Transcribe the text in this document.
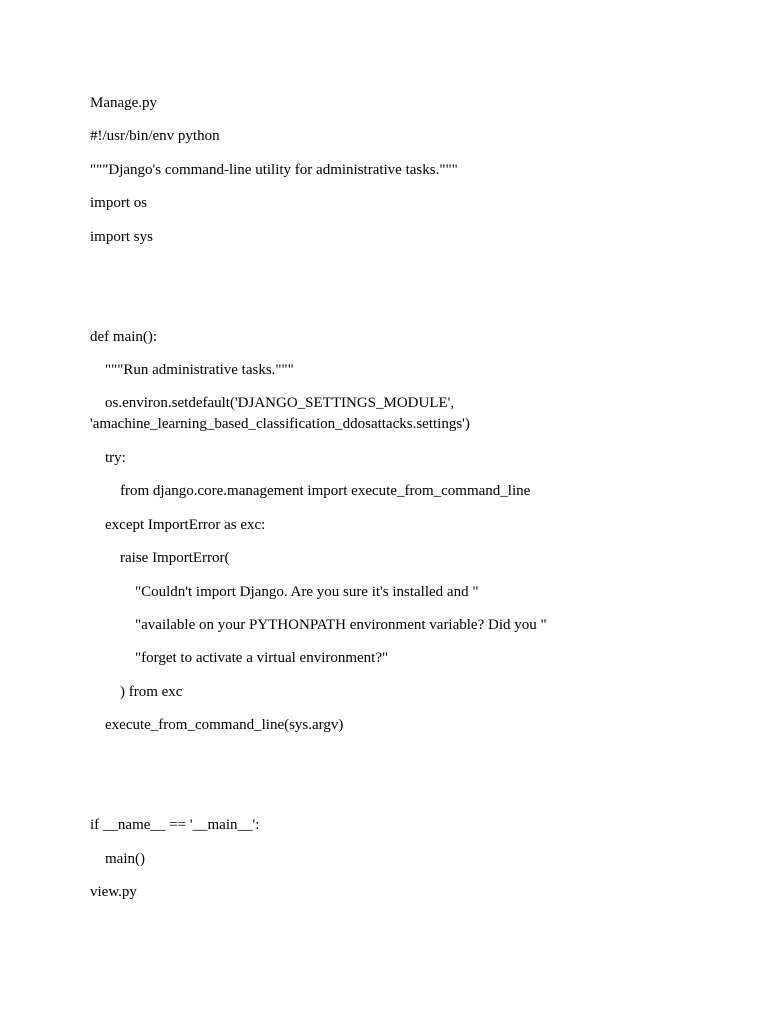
Manage.py

#!/usr/bin/env python

"""Django's command-line utility for administrative tasks."""

import os

import sys

def main():

"""Run administrative tasks."""

os.environ.setdefault('DJANGO_SETTINGS_MODULE',

'amachine_learning_based_classification_ddosattacks.settings')

try:

from django.core.management import execute_from_command_line

except ImportError as exc:

raise ImportError(

"Couldn't import Django. Are you sure it's installed and "

"available on your PYTHONPATH environment variable? Did you "

"forget to activate a virtual environment?"

) from exc

execute_from_command_line(sys.argv)

if __name__ == '__main__':

main()

view.py
